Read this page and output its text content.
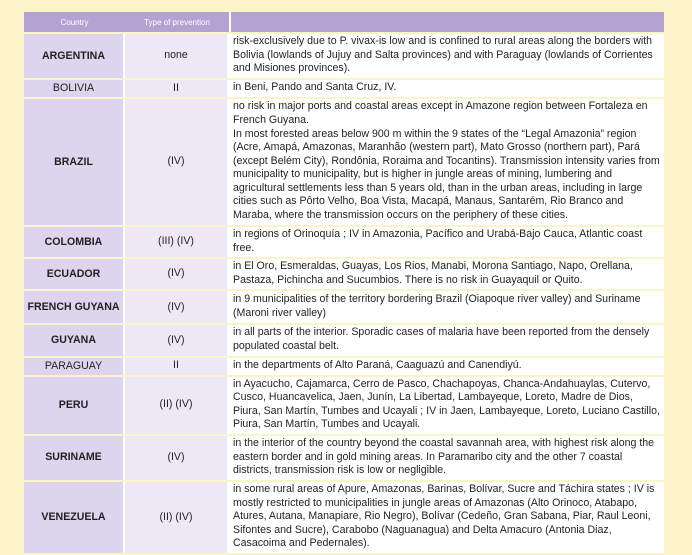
Country	Type of prevention	
ARGENTINA	none	risk-exclusively due to P. vivax-is low and is confined to rural areas along the borders with Bolivia (lowlands of Jujuy and Salta provinces) and with Paraguay (lowlands of Corrientes and Misiones provinces).
BOLIVIA	II	in Beni, Pando and Santa Cruz, IV.
BRAZIL	(IV)	no risk in major ports and coastal areas except in Amazone region between Fortaleza en French Guyana.
In most forested areas below 900 m within the 9 states of the “Legal Amazonia” region (Acre, Amapá, Amazonas, Maranhão (western part), Mato Grosso (northern part), Pará (except Belém City), Rondônia, Roraima and Tocantins). Transmission intensity varies from municipality to municipality, but is higher in jungle areas of mining, lumbering and agricultural settlements less than 5 years old, than in the urban areas, including in large cities such as Pôrto Velho, Boa Vista, Macapá, Manaus, Santarém, Rio Branco and Maraba, where the transmission occurs on the periphery of these cities.
COLOMBIA	(III) (IV)	in regions of Orinoquía ; IV in Amazonia, Pacífico and Urabá-Bajo Cauca, Atlantic coast free.
ECUADOR	(IV)	in El Oro, Esmeraldas, Guayas, Los Rios, Manabi, Morona Santiago, Napo, Orellana, Pastaza, Pichincha and Sucumbios. There is no risk in Guayaquil or Quito.
FRENCH GUYANA	(IV)	in 9 municipalities of the territory bordering Brazil (Oiapoque river valley) and Suriname (Maroni river valley)
GUYANA	(IV)	in all parts of the interior. Sporadic cases of malaria have been reported from the densely populated coastal belt.
PARAGUAY	II	in the departments of Alto Paraná, Caaguazú and Canendiyú.
PERU	(II) (IV)	in Ayacucho, Cajamarca, Cerro de Pasco, Chachapoyas, Chanca-Andahuaylas, Cutervo, Cusco, Huancavelica, Jaen, Junín, La Libertad, Lambayeque, Loreto, Madre de Dios, Piura, San Martín, Tumbes and Ucayali ; IV in Jaen, Lambayeque, Loreto, Luciano Castillo, Piura, San Martín, Tumbes and Ucayali.
SURINAME	(IV)	in the interior of the country beyond the coastal savannah area, with highest risk along the eastern border and in gold mining areas. In Paramaribo city and the other 7 coastal districts, transmission risk is low or negligible.
VENEZUELA	(II) (IV)	in some rural areas of Apure, Amazonas, Barinas, Bolívar, Sucre and Táchira states ; IV is mostly restricted to municipalities in jungle areas of Amazonas (Alto Orinoco, Atabapo, Atures, Autana, Manapiare, Rio Negro), Bolívar (Cedeño, Gran Sabana, Piar, Raul Leoni, Sifontes and Sucre), Carabobo (Naguanagua) and Delta Amacuro (Antonia Diaz, Casacoima and Pedernales).
